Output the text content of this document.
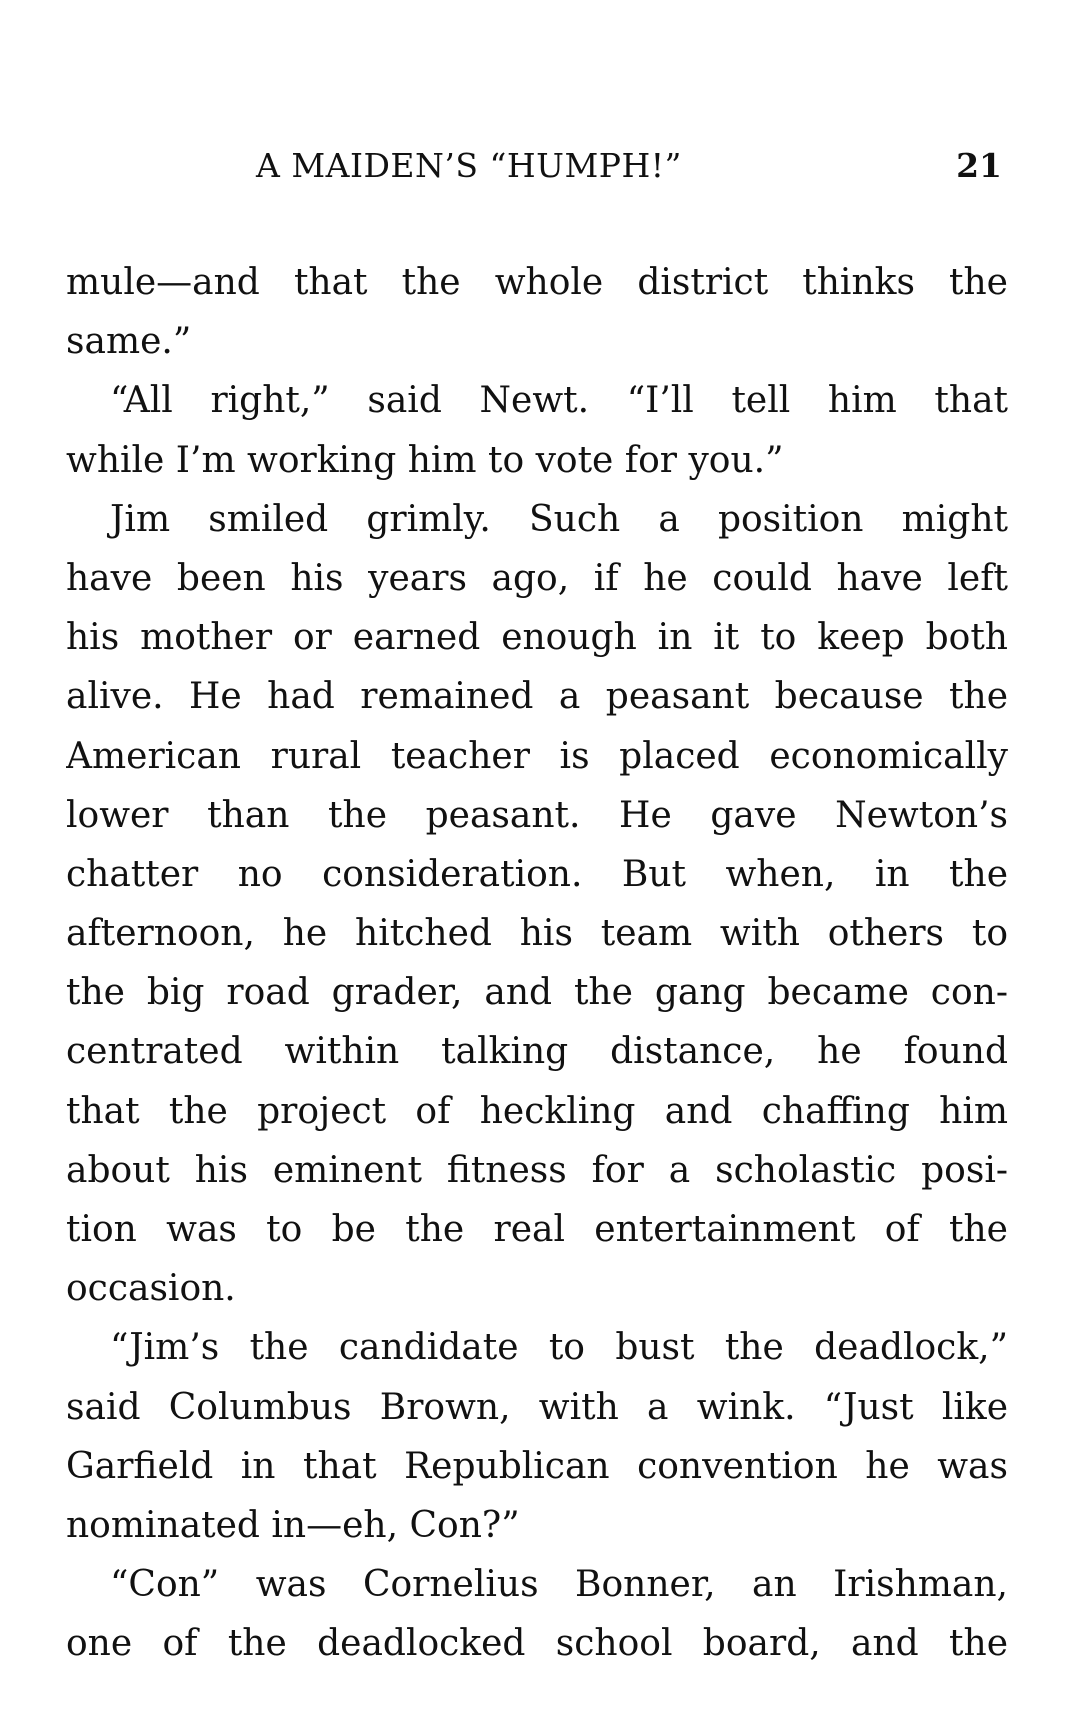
A MAIDEN’S “HUMPH!”	21
mule—and that the whole district thinks the
same.”
“All right,” said Newt. “I’ll tell him that
while I’m working him to vote for you.”
Jim smiled grimly. Such a position might
have been his years ago, if he could have left
his mother or earned enough in it to keep both
alive. He had remained a peasant because the
American rural teacher is placed economically
lower than the peasant. He gave Newton’s
chatter no consideration. But when, in the
afternoon, he hitched his team with others to
the big road grader, and the gang became con-
centrated within talking distance, he found
that the project of heckling and chaffing him
about his eminent fitness for a scholastic posi-
tion was to be the real entertainment of the
occasion.
“Jim’s the candidate to bust the deadlock,”
said Columbus Brown, with a wink. “Just like
Garfield in that Republican convention he was
nominated in—eh, Con?”
“Con” was Cornelius Bonner, an Irishman,
one of the deadlocked school board, and the
